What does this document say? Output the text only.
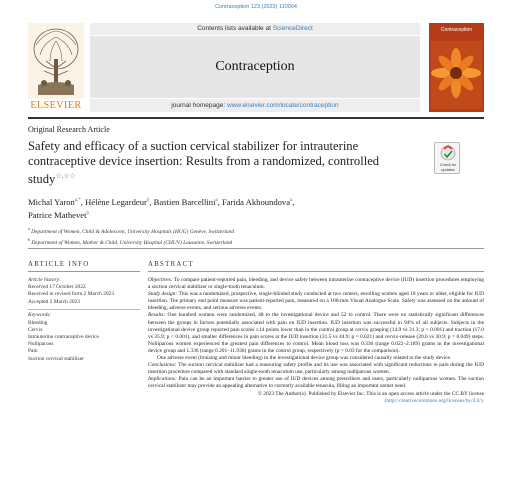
Contraception 123 (2023) 110004
ELSEVIER
Contents lists available at ScienceDirect
Contraception
journal homepage: www.elsevier.com/locate/contraception
Contraception
Original Research Article
Safety and efficacy of a suction cervical stabilizer for intrauterine contraceptive device insertion: Results from a randomized, controlled study☆,☆☆
Check for updates
Michal Yaron$^{a,*}$, Hélène Legardeur$^b$, Bastien Barcellini$^a$, Farida Akhoundova$^a$,
Patrice Mathevet$^b$
$^a$ Department of Women, Child & Adolescent, University Hospitals (HUG) Genève, Switzerland
$^b$ Department of Women, Mother & Child, University Hospital (CHUV) Lausanne, Switzerland
ARTICLE INFO	ABSTRACT
Article history:
Received 17 October 2022
Received in revised form 2 March 2023
Accepted 2 March 2023
Keywords:
Bleeding
Cervix
Intrauterine contraceptive device
Nulliparous
Pain
Suction cervical stabilizer

Objectives: To compare patient-reported pain, bleeding, and device safety between intrauterine contraceptive device (IUD) insertion procedures employing a suction cervical stabilizer or single-tooth tenaculum.

Study design: This was a randomized, prospective, single-blinded study conducted at two centers, enrolling women aged 18 years or older, eligible for IUD insertion. The primary end point measure was patient-reported pain, measured on a 100-mm Visual Analogue Scale. Safety was assessed on the amount of bleeding, adverse events, and serious adverse events.

Results: One hundred women were randomized, 48 to the investigational device and 52 to control. There were no statistically significant differences between the groups in factors potentially associated with pain on IUD insertion. IUD insertion was successful in 94% of all subjects. Subjects in the investigational device group reported pain scores ≥14 points lower than in the control group at cervix grasping (14.9 vs 31.3; p < 0.001) and traction (17.0 vs 35.9; p < 0.001), and smaller differences in pain scores at the IUD insertion (31.5 vs 44.9; p = 0.021) and cervix-release (20.6 vs 30.9; p = 0.049) steps. Nulliparous women experienced the greatest pain differences to control. Mean blood loss was 0.336 (range 0.022–2.189) grams in the investigational device group and 1.336 (range 0.201–11.936) grams in the control group, respectively (p = 0.03 for the comparison).

One adverse event (bruising and minor bleeding) in the investigational device group was considered causally related to the study device.

Conclusions: The suction cervical stabilizer had a reassuring safety profile and its use was associated with significant reductions in pain during the IUD insertion procedure compared with standard single-tooth tenaculum use, particularly among nulliparous women.

Implications: Pain can be an important barrier to greater use of IUD devices among prescribers and users, particularly nulliparous women. The suction cervical stabilizer may provide an appealing alternative to currently available tenacula, filling an important unmet need.

© 2023 The Author(s). Published by Elsevier Inc. This is an open access article under the CC BY license

(http://creativecommons.org/licenses/by/4.0/).
